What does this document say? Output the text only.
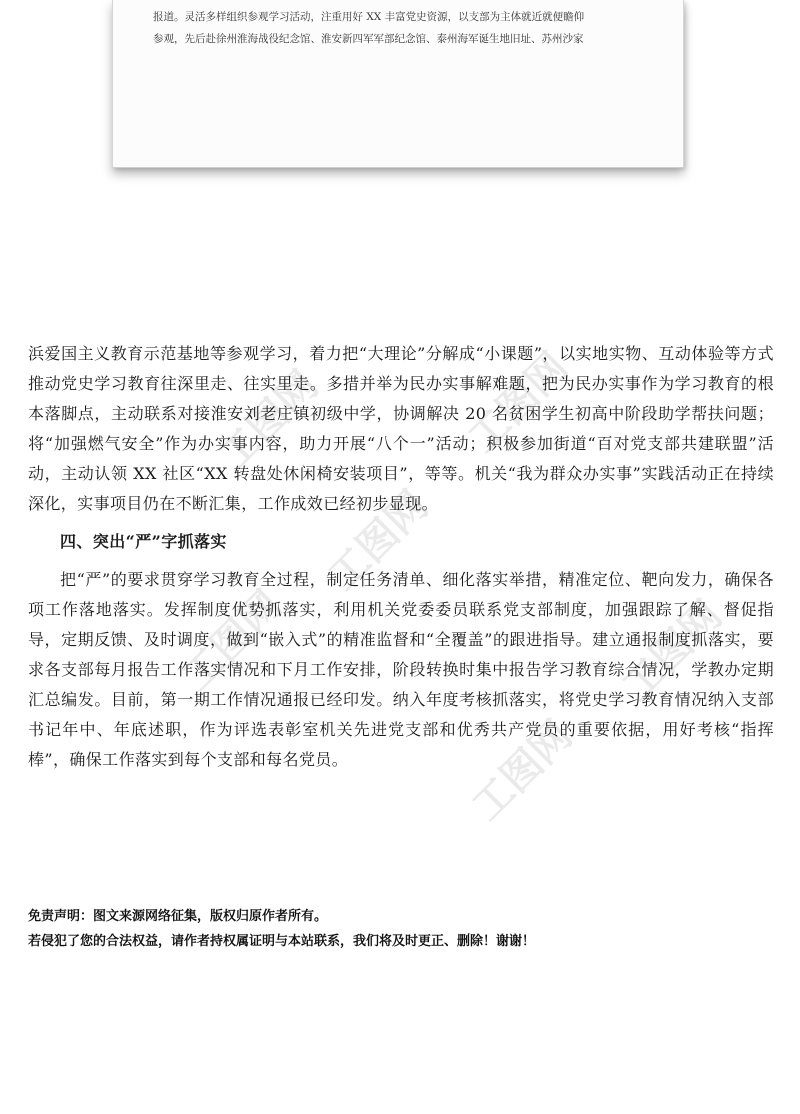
报道。灵活多样组织参观学习活动，注重用好 XX 丰富党史资源，以支部为主体就近就便瞻仰

参观，先后赴徐州淮海战役纪念馆、淮安新四军军部纪念馆、泰州海军诞生地旧址、苏州沙家

工图网	工图网
工图网
工图网	工图网
工图网

浜爱国主义教育示范基地等参观学习，着力把“大理论”分解成“小课题”，以实地实物、互动体验等方式推动党史学习教育往深里走、往实里走。多措并举为民办实事解难题，把为民办实事作为学习教育的根本落脚点，主动联系对接淮安刘老庄镇初级中学，协调解决 20 名贫困学生初高中阶段助学帮扶问题；将“加强燃气安全”作为办实事内容，助力开展“八个一”活动；积极参加街道“百对党支部共建联盟”活动，主动认领 XX 社区“XX 转盘处休闲椅安装项目”，等等。机关“我为群众办实事”实践活动正在持续深化，实事项目仍在不断汇集，工作成效已经初步显现。

四、突出“严”字抓落实

把“严”的要求贯穿学习教育全过程，制定任务清单、细化落实举措，精准定位、靶向发力，确保各项工作落地落实。发挥制度优势抓落实，利用机关党委委员联系党支部制度，加强跟踪了解、督促指导，定期反馈、及时调度，做到“嵌入式”的精准监督和“全覆盖”的跟进指导。建立通报制度抓落实，要求各支部每月报告工作落实情况和下月工作安排，阶段转换时集中报告学习教育综合情况，学教办定期汇总编发。目前，第一期工作情况通报已经印发。纳入年度考核抓落实，将党史学习教育情况纳入支部书记年中、年底述职，作为评选表彰室机关先进党支部和优秀共产党员的重要依据，用好考核“指挥棒”，确保工作落实到每个支部和每名党员。

免责声明：图文来源网络征集，版权归原作者所有。

若侵犯了您的合法权益，请作者持权属证明与本站联系，我们将及时更正、删除！谢谢！
